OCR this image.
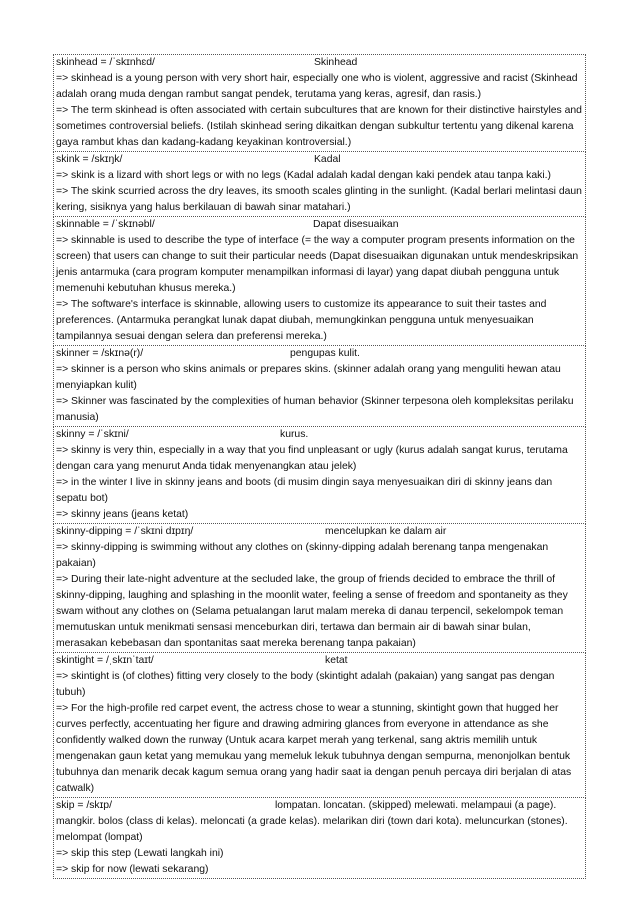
skinhead = /ˈskɪnhɛd/	Skinhead
=> skinhead is a young person with very short hair, especially one who is violent, aggressive and racist (Skinhead adalah orang muda dengan rambut sangat pendek, terutama yang keras, agresif, dan rasis.)
=> The term skinhead is often associated with certain subcultures that are known for their distinctive hairstyles and sometimes controversial beliefs. (Istilah skinhead sering dikaitkan dengan subkultur tertentu yang dikenal karena gaya rambut khas dan kadang-kadang keyakinan kontroversial.)
skink = /skɪŋk/	Kadal
=> skink is a lizard with short legs or with no legs (Kadal adalah kadal dengan kaki pendek atau tanpa kaki.)
=> The skink scurried across the dry leaves, its smooth scales glinting in the sunlight. (Kadal berlari melintasi daun kering, sisiknya yang halus berkilauan di bawah sinar matahari.)
skinnable = /ˈskɪnəbl/	Dapat disesuaikan
=> skinnable is used to describe the type of interface (= the way a computer program presents information on the screen) that users can change to suit their particular needs (Dapat disesuaikan digunakan untuk mendeskripsikan jenis antarmuka (cara program komputer menampilkan informasi di layar) yang dapat diubah pengguna untuk memenuhi kebutuhan khusus mereka.)
=> The software's interface is skinnable, allowing users to customize its appearance to suit their tastes and preferences. (Antarmuka perangkat lunak dapat diubah, memungkinkan pengguna untuk menyesuaikan tampilannya sesuai dengan selera dan preferensi mereka.)
skinner = /skɪnə(r)/	pengupas kulit.
=> skinner is a person who skins animals or prepares skins. (skinner adalah orang yang menguliti hewan atau menyiapkan kulit)
=> Skinner was fascinated by the complexities of human behavior (Skinner terpesona oleh kompleksitas perilaku manusia)
skinny = /ˈskɪni/	kurus.
=> skinny is very thin, especially in a way that you find unpleasant or ugly (kurus adalah sangat kurus, terutama dengan cara yang menurut Anda tidak menyenangkan atau jelek)
=> in the winter I live in skinny jeans and boots (di musim dingin saya menyesuaikan diri di skinny jeans dan sepatu bot)
=> skinny jeans (jeans ketat)
skinny-dipping = /ˈskɪni dɪpɪŋ/	mencelupkan ke dalam air
=> skinny-dipping is swimming without any clothes on (skinny-dipping adalah berenang tanpa mengenakan pakaian)
=> During their late-night adventure at the secluded lake, the group of friends decided to embrace the thrill of skinny-dipping, laughing and splashing in the moonlit water, feeling a sense of freedom and spontaneity as they swam without any clothes on (Selama petualangan larut malam mereka di danau terpencil, sekelompok teman memutuskan untuk menikmati sensasi menceburkan diri, tertawa dan bermain air di bawah sinar bulan, merasakan kebebasan dan spontanitas saat mereka berenang tanpa pakaian)
skintight = /ˌskɪnˈtaɪt/	ketat
=> skintight is (of clothes) fitting very closely to the body (skintight adalah (pakaian) yang sangat pas dengan tubuh)
=> For the high-profile red carpet event, the actress chose to wear a stunning, skintight gown that hugged her curves perfectly, accentuating her figure and drawing admiring glances from everyone in attendance as she confidently walked down the runway (Untuk acara karpet merah yang terkenal, sang aktris memilih untuk mengenakan gaun ketat yang memukau yang memeluk lekuk tubuhnya dengan sempurna, menonjolkan bentuk tubuhnya dan menarik decak kagum semua orang yang hadir saat ia dengan penuh percaya diri berjalan di atas catwalk)
skip = /skɪp/	lompatan. loncatan. (skipped) melewati. melampaui (a page).
mangkir. bolos (class di kelas). meloncati (a grade kelas). melarikan diri (town dari kota). meluncurkan (stones). melompat (lompat)
=> skip this step (Lewati langkah ini)
=> skip for now (lewati sekarang)
